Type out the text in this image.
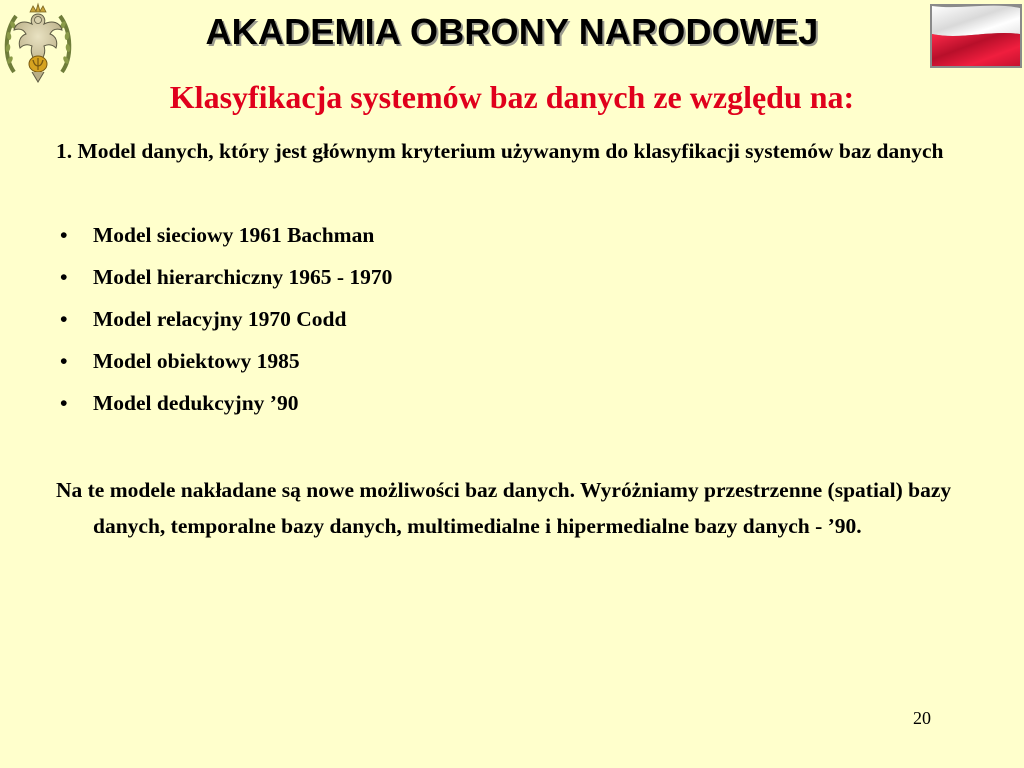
AKADEMIA OBRONY NARODOWEJ
Klasyfikacja systemów baz danych ze względu na:

1. Model danych, który jest głównym kryterium używanym do klasyfikacji systemów baz danych

• Model sieciowy 1961 Bachman
• Model hierarchiczny 1965 - 1970
• Model relacyjny 1970 Codd
• Model obiektowy 1985
• Model dedukcyjny ’90

Na te modele nakładane są nowe możliwości baz danych. Wyróżniamy przestrzenne (spatial) bazy danych, temporalne bazy danych, multimedialne i hipermedialne bazy danych - ’90.

20
